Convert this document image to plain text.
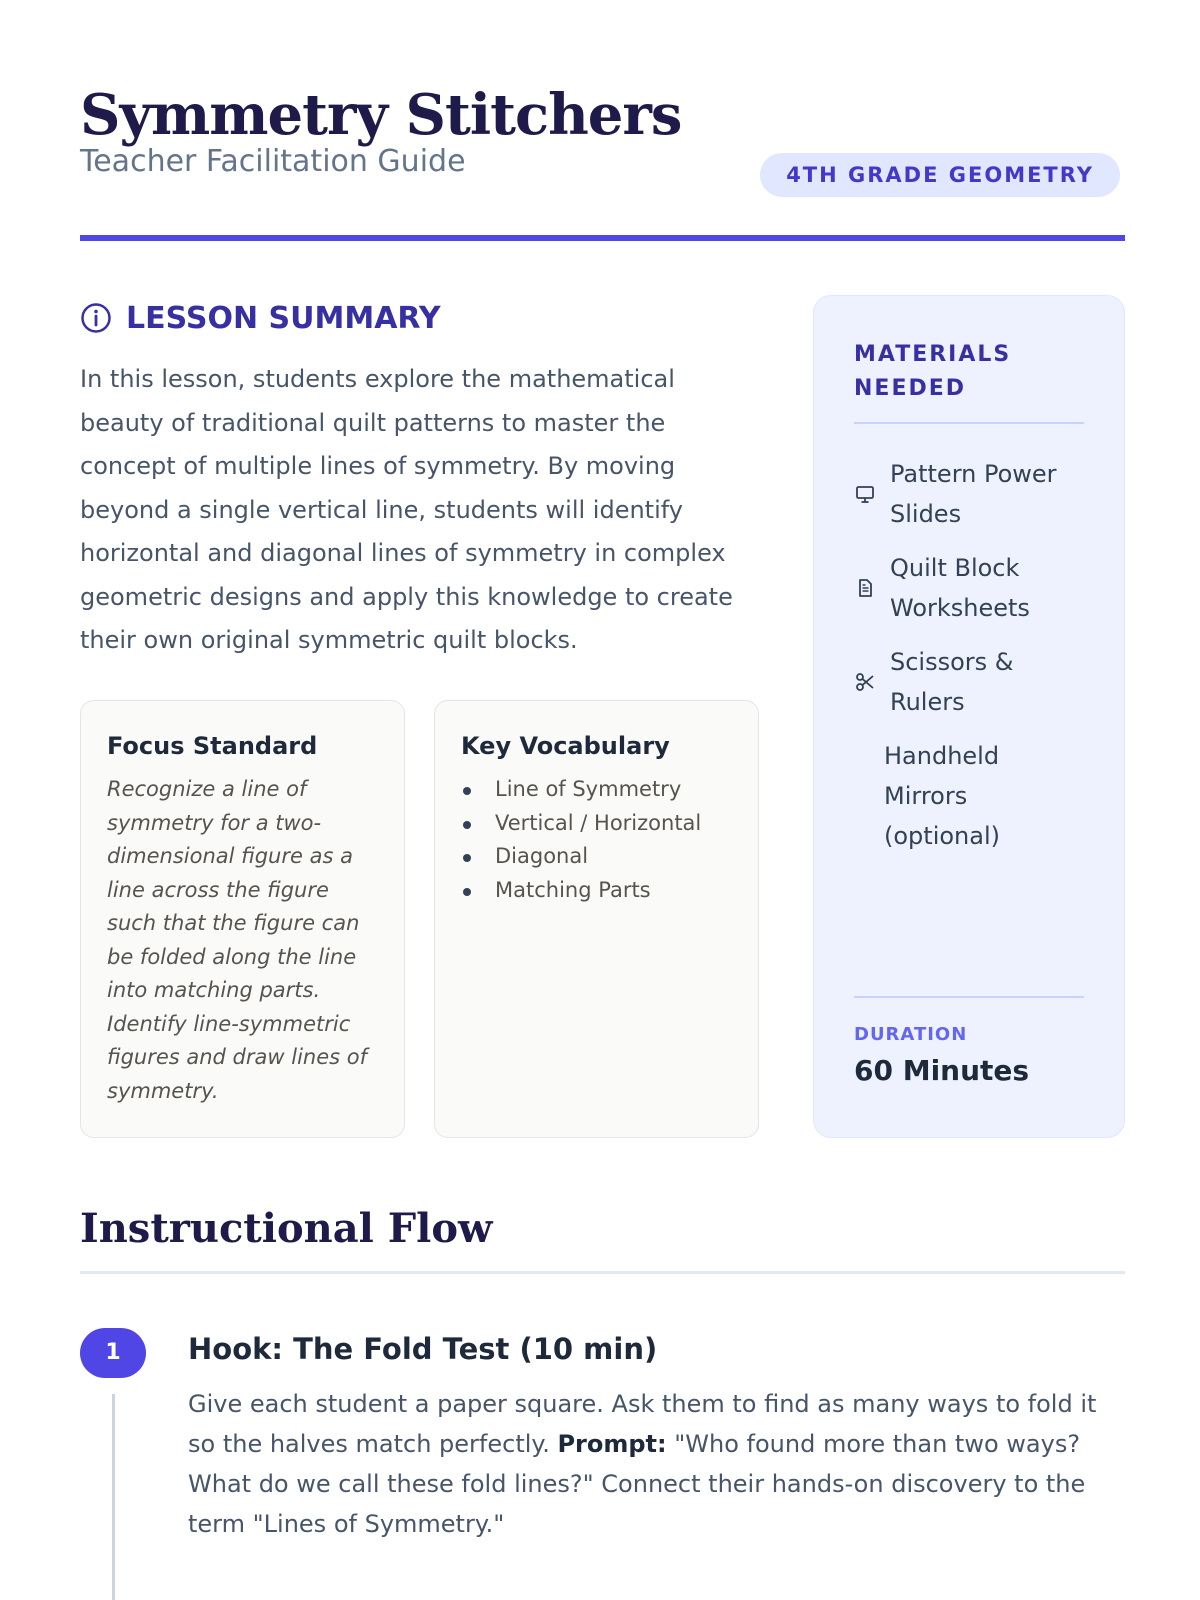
Symmetry Stitchers
Teacher Facilitation Guide	4TH GRADE GEOMETRY
LESSON SUMMARY

In this lesson, students explore the mathematical beauty of traditional quilt patterns to master the concept of multiple lines of symmetry. By moving beyond a single vertical line, students will identify horizontal and diagonal lines of symmetry in complex geometric designs and apply this knowledge to create their own original symmetric quilt blocks.

Focus Standard

Recognize a line of symmetry for a two-dimensional figure as a line across the figure such that the figure can be folded along the line into matching parts. Identify line-symmetric figures and draw lines of symmetry.

Key Vocabulary
Line of Symmetry
Vertical / Horizontal
Diagonal
Matching Parts
MATERIALS NEEDED
Pattern Power Slides
Quilt Block Worksheets
Scissors & Rulers
Handheld Mirrors (optional)
DURATION
60 Minutes
Instructional Flow
1	Hook: The Fold Test (10 min)

Give each student a paper square. Ask them to find as many ways to fold it so the halves match perfectly. Prompt: "Who found more than two ways? What do we call these fold lines?" Connect their hands-on discovery to the term "Lines of Symmetry."
